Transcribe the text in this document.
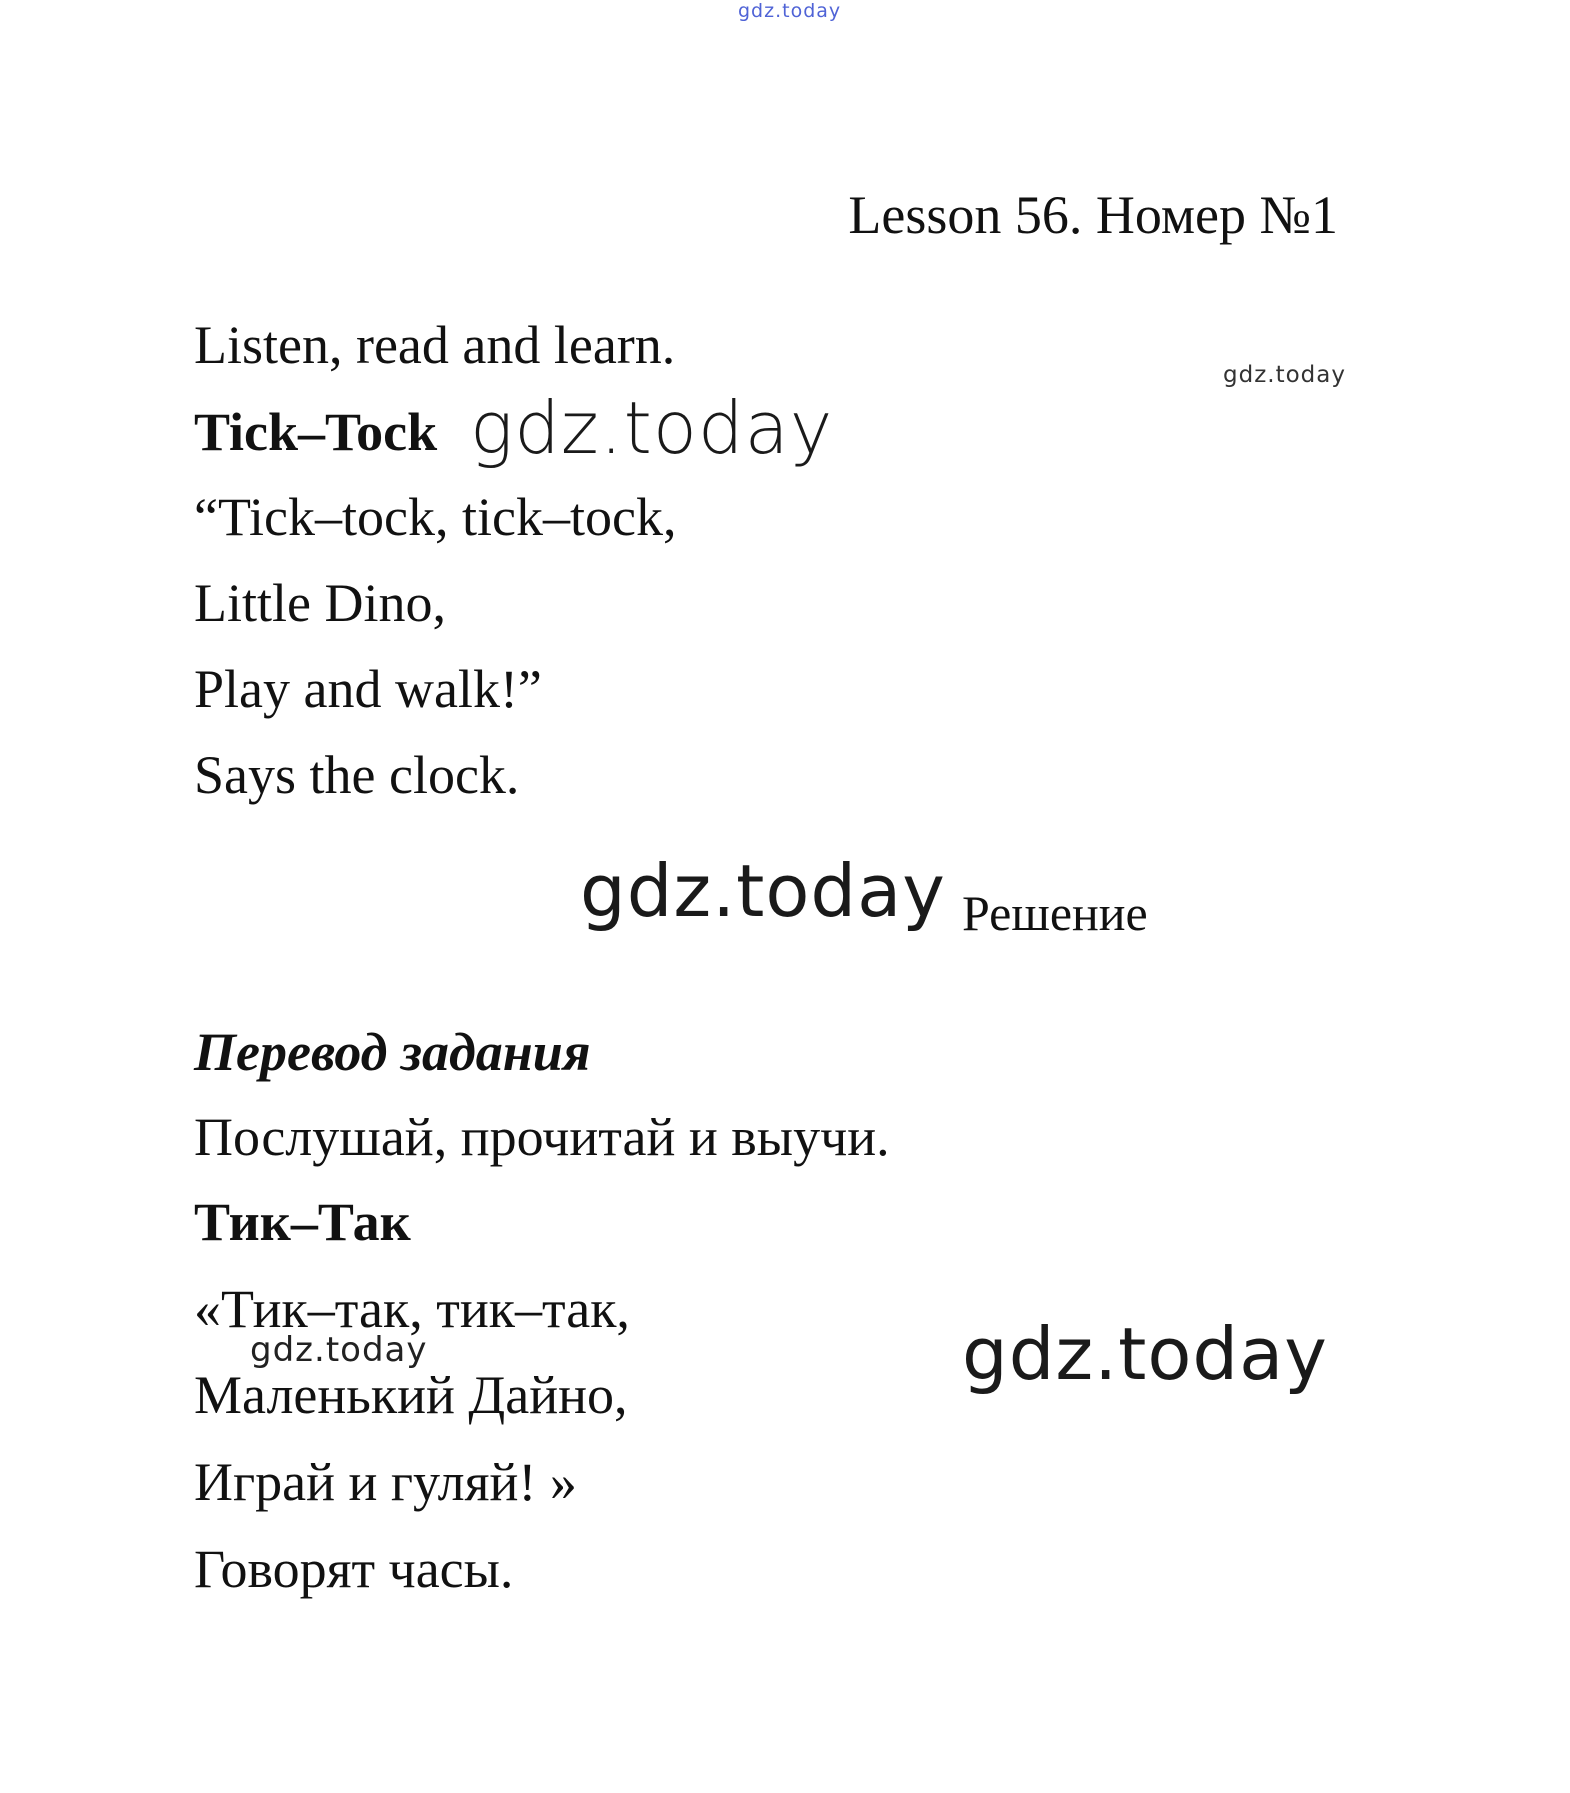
gdz.today
Lesson 56. Номер №1
Listen, read and learn.	gdz.today
Tick–Tock gdz.today
“Tick–tock, tick–tock,
Little Dino,
Play and walk!”
Says the clock.
gdz.today Решение
Перевод задания
Послушай, прочитай и выучи.
Тик–Так
«Тик–так, тик–так,
gdz.today	gdz.today
Маленький Дайно,
Играй и гуляй! »
Говорят часы.
